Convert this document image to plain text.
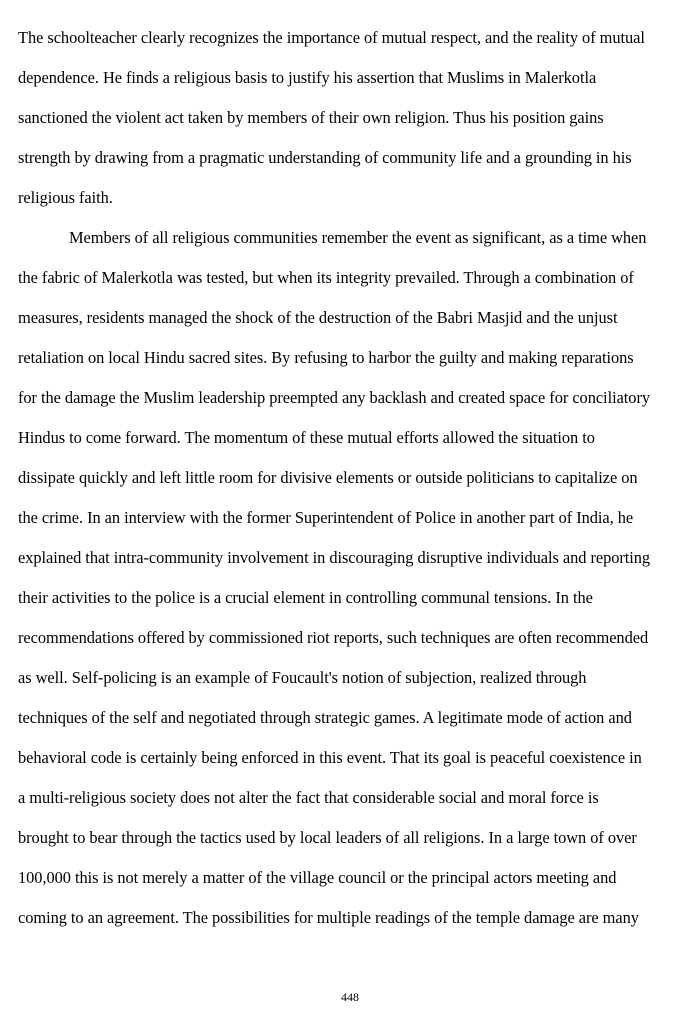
The schoolteacher clearly recognizes the importance of mutual respect, and the reality of mutual
dependence. He finds a religious basis to justify his assertion that Muslims in Malerkotla
sanctioned the violent act taken by members of their own religion. Thus his position gains
strength by drawing from a pragmatic understanding of community life and a grounding in his
religious faith.
Members of all religious communities remember the event as significant, as a time when
the fabric of Malerkotla was tested, but when its integrity prevailed. Through a combination of
measures, residents managed the shock of the destruction of the Babri Masjid and the unjust
retaliation on local Hindu sacred sites. By refusing to harbor the guilty and making reparations
for the damage the Muslim leadership preempted any backlash and created space for conciliatory
Hindus to come forward. The momentum of these mutual efforts allowed the situation to
dissipate quickly and left little room for divisive elements or outside politicians to capitalize on
the crime. In an interview with the former Superintendent of Police in another part of India, he
explained that intra-community involvement in discouraging disruptive individuals and reporting
their activities to the police is a crucial element in controlling communal tensions. In the
recommendations offered by commissioned riot reports, such techniques are often recommended
as well. Self-policing is an example of Foucault's notion of subjection, realized through
techniques of the self and negotiated through strategic games. A legitimate mode of action and
behavioral code is certainly being enforced in this event. That its goal is peaceful coexistence in
a multi-religious society does not alter the fact that considerable social and moral force is
brought to bear through the tactics used by local leaders of all religions. In a large town of over
100,000 this is not merely a matter of the village council or the principal actors meeting and
coming to an agreement. The possibilities for multiple readings of the temple damage are many
448
